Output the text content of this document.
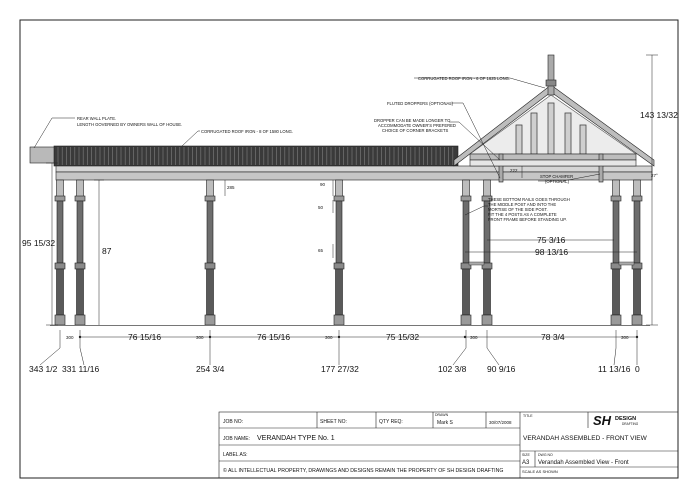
REAR WALL PLATE.
LENGTH GOVERNED BY OWNERS WALL OF HOUSE.
CORRUGATED ROOF IRON - 8 OF 1580 LONG.
CORRUGATED ROOF IRON - 6 OF 1625 LONG.
FLUTED DROPPERS (OPTIONAL)
DROPPER CAN BE MADE LONGER TO
ACCOMMODATE OWNER'S PREFERED
CHOICE OF CORNER BRACKETS
STOP CHAMFER
(OPTIONAL)
THESE BOTTOM RAILS GOES THROUGH
THE MIDDLE POST AND INTO THE
MORTISE OF THE SIDE POST.
FIT THE 4 POSTS AS A COMPLETE
FRONT FRAME BEFORE STANDING UP.
95 15/32
87
143 13/32
76 15/16	76 15/16	75 15/32	78 3/4
75 3/16
98 13/16
285
90
50
65
222
27°
300	300	300	300	300
343 1/2 331 11/16	254 3/4	177 27/32	102 3/8 90 9/16	11 13/16 0
JOB NO:	SHEET NO:	QTY REQ:
DRAWN
Mark S	30/07/2008
TITLE
VERANDAH ASSEMBLED - FRONT VIEW
JOB NAME: VERANDAH TYPE No. 1
LABEL AS:	SIZE
A3
DWG NO
Verandah Assembled View - Front
SCALE AS SHOWN
© ALL INTELLECTUAL PROPERTY, DRAWINGS AND DESIGNS REMAIN THE PROPERTY OF SH DESIGN DRAFTING
SH DESIGN
DRAFTING
